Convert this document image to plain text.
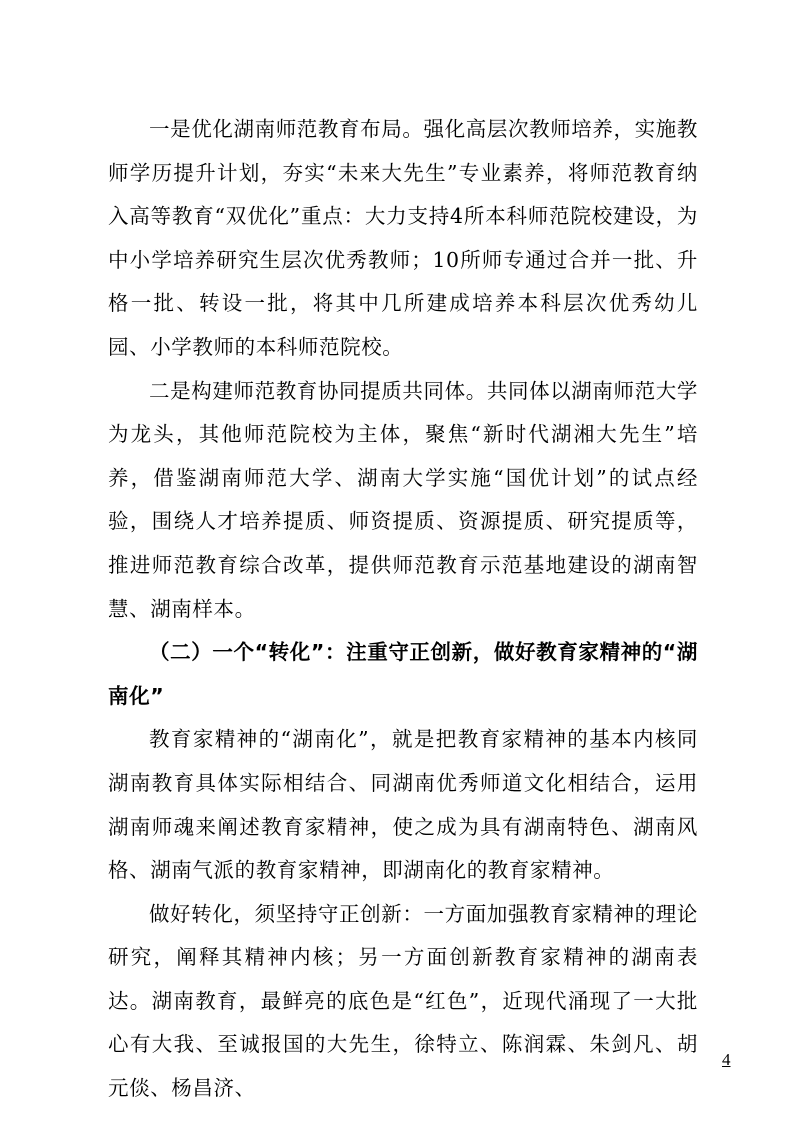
一是优化湖南师范教育布局。强化高层次教师培养，实施教师学历提升计划，夯实“未来大先生”专业素养，将师范教育纳入高等教育“双优化”重点：大力支持4所本科师范院校建设，为中小学培养研究生层次优秀教师；10所师专通过合并一批、升格一批、转设一批，将其中几所建成培养本科层次优秀幼儿园、小学教师的本科师范院校。

二是构建师范教育协同提质共同体。共同体以湖南师范大学为龙头，其他师范院校为主体，聚焦“新时代湖湘大先生”培养，借鉴湖南师范大学、湖南大学实施“国优计划”的试点经验，围绕人才培养提质、师资提质、资源提质、研究提质等，推进师范教育综合改革，提供师范教育示范基地建设的湖南智慧、湖南样本。

（二）一个“转化”：注重守正创新，做好教育家精神的“湖南化”

教育家精神的“湖南化”，就是把教育家精神的基本内核同湖南教育具体实际相结合、同湖南优秀师道文化相结合，运用湖南师魂来阐述教育家精神，使之成为具有湖南特色、湖南风格、湖南气派的教育家精神，即湖南化的教育家精神。

做好转化，须坚持守正创新：一方面加强教育家精神的理论研究，阐释其精神内核；另一方面创新教育家精神的湖南表达。湖南教育，最鲜亮的底色是“红色”，近现代涌现了一大批心有大我、至诚报国的大先生，徐特立、陈润霖、朱剑凡、胡元倓、杨昌济、

4
